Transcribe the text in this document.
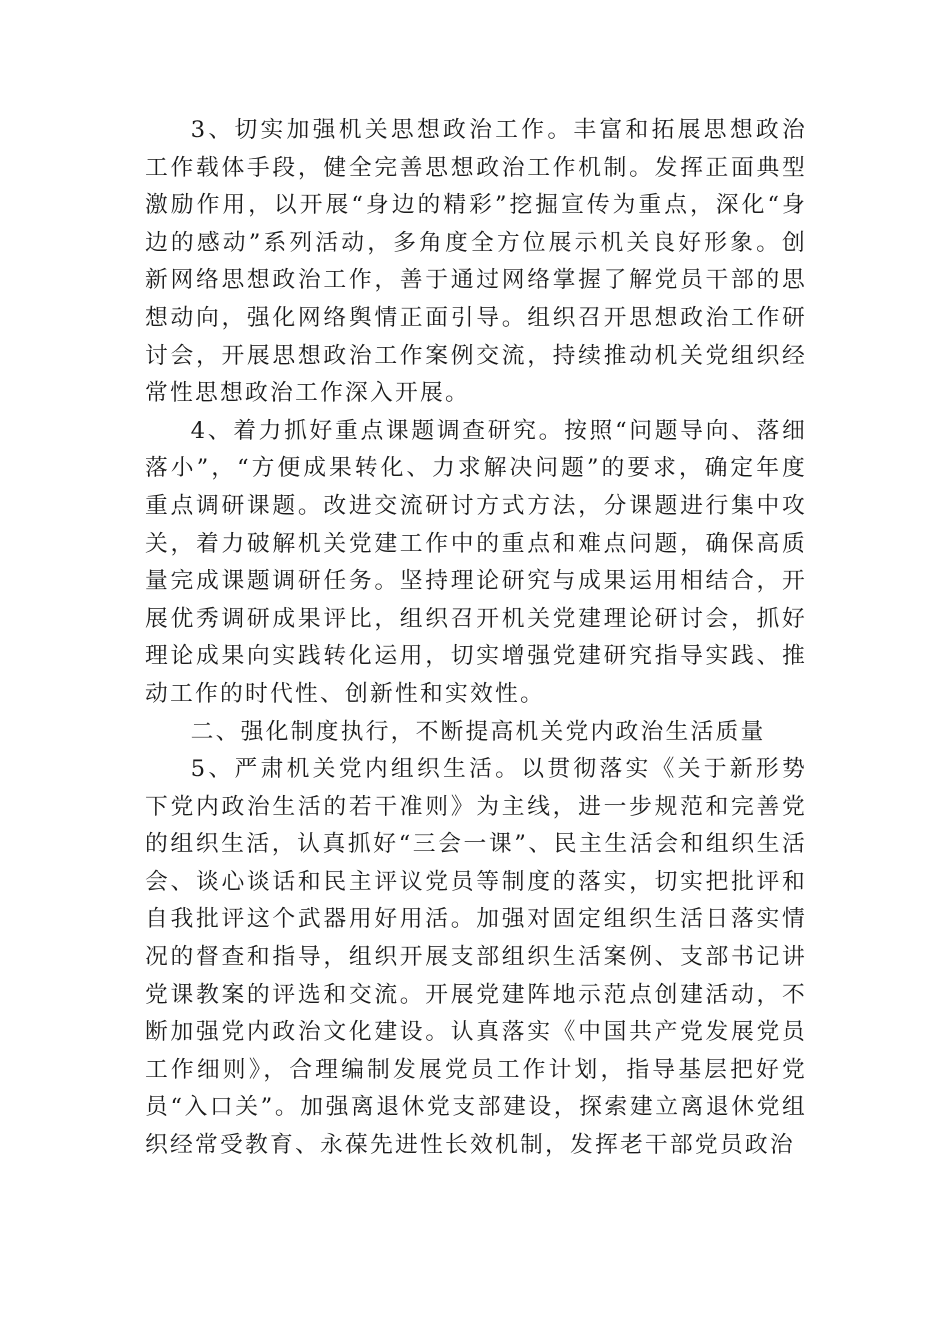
3、切实加强机关思想政治工作。丰富和拓展思想政治工作载体手段，健全完善思想政治工作机制。发挥正面典型激励作用，以开展“身边的精彩”挖掘宣传为重点，深化“身边的感动”系列活动，多角度全方位展示机关良好形象。创新网络思想政治工作，善于通过网络掌握了解党员干部的思想动向，强化网络舆情正面引导。组织召开思想政治工作研讨会，开展思想政治工作案例交流，持续推动机关党组织经常性思想政治工作深入开展。

4、着力抓好重点课题调查研究。按照“问题导向、落细落小”，“方便成果转化、力求解决问题”的要求，确定年度重点调研课题。改进交流研讨方式方法，分课题进行集中攻关，着力破解机关党建工作中的重点和难点问题，确保高质量完成课题调研任务。坚持理论研究与成果运用相结合，开展优秀调研成果评比，组织召开机关党建理论研讨会，抓好理论成果向实践转化运用，切实增强党建研究指导实践、推动工作的时代性、创新性和实效性。

二、强化制度执行，不断提高机关党内政治生活质量

5、严肃机关党内组织生活。以贯彻落实《关于新形势下党内政治生活的若干准则》为主线，进一步规范和完善党的组织生活，认真抓好“三会一课”、民主生活会和组织生活会、谈心谈话和民主评议党员等制度的落实，切实把批评和自我批评这个武器用好用活。加强对固定组织生活日落实情况的督查和指导，组织开展支部组织生活案例、支部书记讲党课教案的评选和交流。开展党建阵地示范点创建活动，不断加强党内政治文化建设。认真落实《中国共产党发展党员工作细则》，合理编制发展党员工作计划，指导基层把好党员“入口关”。加强离退休党支部建设，探索建立离退休党组织经常受教育、永葆先进性长效机制，发挥老干部党员政治
